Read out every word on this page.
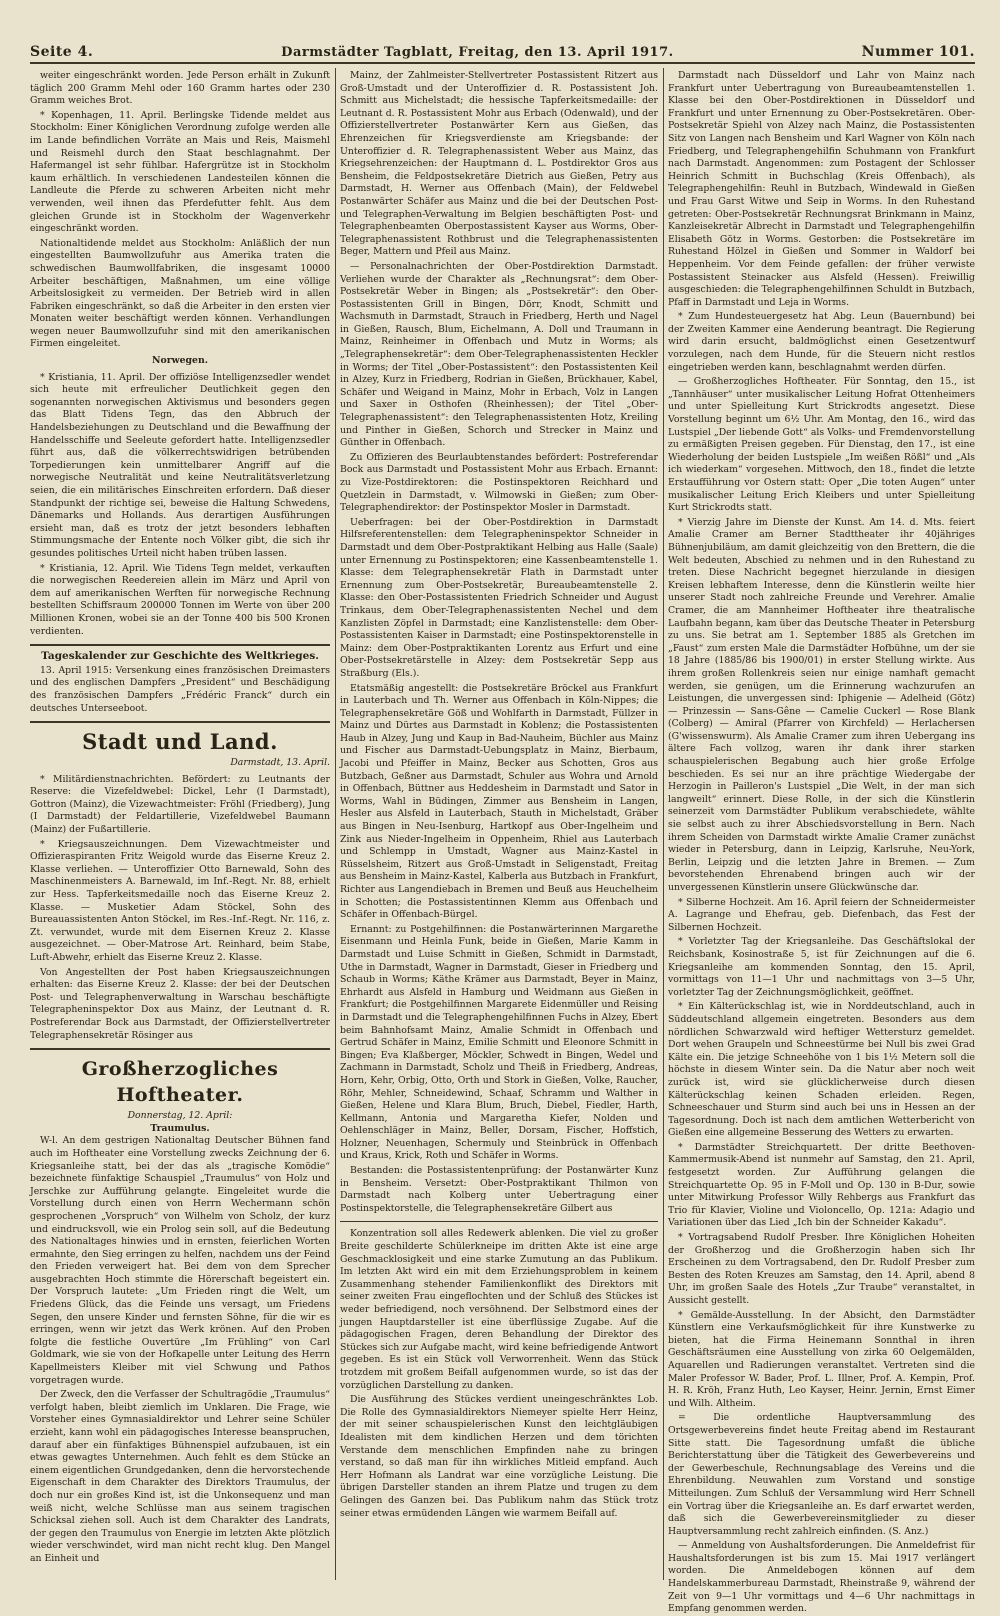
Seite 4.	Darmstädter Tagblatt, Freitag, den 13. April 1917.	Nummer 101.

weiter eingeschränkt worden. Jede Person erhält in Zukunft täglich 200 Gramm Mehl oder 160 Gramm hartes oder 230 Gramm weiches Brot.

* Kopenhagen, 11. April. Berlingske Tidende meldet aus Stockholm: Einer Königlichen Verordnung zufolge werden alle im Lande befindlichen Vorräte an Mais und Reis, Maismehl und Reismehl durch den Staat beschlagnahmt. Der Hafermangel ist sehr fühlbar. Hafergrütze ist in Stockholm kaum erhältlich. In verschiedenen Landesteilen können die Landleute die Pferde zu schweren Arbeiten nicht mehr verwenden, weil ihnen das Pferdefutter fehlt. Aus dem gleichen Grunde ist in Stockholm der Wagenverkehr eingeschränkt worden.

Nationaltidende meldet aus Stockholm: Anläßlich der nun eingestellten Baumwollzufuhr aus Amerika traten die schwedischen Baumwollfabriken, die insgesamt 10000 Arbeiter beschäftigen, Maßnahmen, um eine völlige Arbeitslosigkeit zu vermeiden. Der Betrieb wird in allen Fabriken eingeschränkt, so daß die Arbeiter in den ersten vier Monaten weiter beschäftigt werden können. Verhandlungen wegen neuer Baumwollzufuhr sind mit den amerikanischen Firmen eingeleitet.

Norwegen.

* Kristiania, 11. April. Der offiziöse Intelligenzsedler wendet sich heute mit erfreulicher Deutlichkeit gegen den sogenannten norwegischen Aktivismus und besonders gegen das Blatt Tidens Tegn, das den Abbruch der Handelsbeziehungen zu Deutschland und die Bewaffnung der Handelsschiffe und Seeleute gefordert hatte. Intelligenzsedler führt aus, daß die völkerrechtswidrigen betrübenden Torpedierungen kein unmittelbarer Angriff auf die norwegische Neutralität und keine Neutralitätsverletzung seien, die ein militärisches Einschreiten erfordern. Daß dieser Standpunkt der richtige sei, beweise die Haltung Schwedens, Dänemarks und Hollands. Aus derartigen Ausführungen ersieht man, daß es trotz der jetzt besonders lebhaften Stimmungsmache der Entente noch Völker gibt, die sich ihr gesundes politisches Urteil nicht haben trüben lassen.

* Kristiania, 12. April. Wie Tidens Tegn meldet, verkauften die norwegischen Reedereien allein im März und April von dem auf amerikanischen Werften für norwegische Rechnung bestellten Schiffsraum 200000 Tonnen im Werte von über 200 Millionen Kronen, wobei sie an der Tonne 400 bis 500 Kronen verdienten.

Tageskalender zur Geschichte des Weltkrieges.

13. April 1915: Versenkung eines französischen Dreimasters und des englischen Dampfers „President“ und Beschädigung des französischen Dampfers „Frédéric Franck“ durch ein deutsches Unterseeboot.

Stadt und Land.

Darmstadt, 13. April.

* Militärdienstnachrichten. Befördert: zu Leutnants der Reserve: die Vizefeldwebel: Dickel, Lehr (I Darmstadt), Gottron (Mainz), die Vizewachtmeister: Fröhl (Friedberg), Jung (I Darmstadt) der Feldartillerie, Vizefeldwebel Baumann (Mainz) der Fußartillerie.

* Kriegsauszeichnungen. Dem Vizewachtmeister und Offizieraspiranten Fritz Weigold wurde das Eiserne Kreuz 2. Klasse verliehen. — Unteroffizier Otto Barnewald, Sohn des Maschinenmeisters A. Barnewald, im Inf.-Regt. Nr. 88, erhielt zur Hess. Tapferkeitsmedaille noch das Eiserne Kreuz 2. Klasse. — Musketier Adam Stöckel, Sohn des Bureauassistenten Anton Stöckel, im Res.-Inf.-Regt. Nr. 116, z. Zt. verwundet, wurde mit dem Eisernen Kreuz 2. Klasse ausgezeichnet. — Ober-Matrose Art. Reinhard, beim Stabe, Luft-Abwehr, erhielt das Eiserne Kreuz 2. Klasse.

Von Angestellten der Post haben Kriegsauszeichnungen erhalten: das Eiserne Kreuz 2. Klasse: der bei der Deutschen Post- und Telegraphenverwaltung in Warschau beschäftigte Telegrapheninspektor Dox aus Mainz, der Leutnant d. R. Postreferendar Bock aus Darmstadt, der Offizierstellvertreter Telegraphensekretär Rösinger aus

Großherzogliches Hoftheater.

Donnerstag, 12. April:

Traumulus.

W-l. An dem gestrigen Nationaltag Deutscher Bühnen fand auch im Hoftheater eine Vorstellung zwecks Zeichnung der 6. Kriegsanleihe statt, bei der das als „tragische Komödie“ bezeichnete fünfaktige Schauspiel „Traumulus“ von Holz und Jerschke zur Aufführung gelangte. Eingeleitet wurde die Vorstellung durch einen von Herrn Wechermann schön gesprochenen „Vorspruch“ von Wilhelm von Scholz, der kurz und eindrucksvoll, wie ein Prolog sein soll, auf die Bedeutung des Nationaltages hinwies und in ernsten, feierlichen Worten ermahnte, den Sieg erringen zu helfen, nachdem uns der Feind den Frieden verweigert hat. Bei dem von dem Sprecher ausgebrachten Hoch stimmte die Hörerschaft begeistert ein. Der Vorspruch lautete: „Um Frieden ringt die Welt, um Friedens Glück, das die Feinde uns versagt, um Friedens Segen, den unsere Kinder und fernsten Söhne, für die wir es erringen, wenn wir jetzt das Werk krönen. Auf den Proben folgte die festliche Ouvertüre „Im Frühling“ von Carl Goldmark, wie sie von der Hofkapelle unter Leitung des Herrn Kapellmeisters Kleiber mit viel Schwung und Pathos vorgetragen wurde.

Der Zweck, den die Verfasser der Schultragödie „Traumulus“ verfolgt haben, bleibt ziemlich im Unklaren. Die Frage, wie Vorsteher eines Gymnasialdirektor und Lehrer seine Schüler erzieht, kann wohl ein pädagogisches Interesse beanspruchen, darauf aber ein fünfaktiges Bühnenspiel aufzubauen, ist ein etwas gewagtes Unternehmen. Auch fehlt es dem Stücke an einem eigentlichen Grundgedanken, denn die hervorstechende Eigenschaft in dem Charakter des Direktors Traumulus, der doch nur ein großes Kind ist, ist die Unkonsequenz und man weiß nicht, welche Schlüsse man aus seinem tragischen Schicksal ziehen soll. Auch ist dem Charakter des Landrats, der gegen den Traumulus von Energie im letzten Akte plötzlich wieder verschwindet, wird man nicht recht klug. Den Mangel an Einheit und

Mainz, der Zahlmeister-Stellvertreter Postassistent Ritzert aus Groß-Umstadt und der Unteroffizier d. R. Postassistent Joh. Schmitt aus Michelstadt; die hessische Tapferkeitsmedaille: der Leutnant d. R. Postassistent Mohr aus Erbach (Odenwald), und der Offizierstellvertreter Postanwärter Kern aus Gießen, das Ehrenzeichen für Kriegsverdienste am Kriegsbande: der Unteroffizier d. R. Telegraphenassistent Weber aus Mainz, das Kriegsehrenzeichen: der Hauptmann d. L. Postdirektor Gros aus Bensheim, die Feldpostsekretäre Dietrich aus Gießen, Petry aus Darmstadt, H. Werner aus Offenbach (Main), der Feldwebel Postanwärter Schäfer aus Mainz und die bei der Deutschen Post- und Telegraphen-Verwaltung im Belgien beschäftigten Post- und Telegraphenbeamten Oberpostassistent Kayser aus Worms, Ober-Telegraphenassistent Rothbrust und die Telegraphenassistenten Beger, Mattern und Pfeil aus Mainz.

— Personalnachrichten der Ober-Postdirektion Darmstadt. Verliehen wurde der Charakter als „Rechnungsrat“: dem Ober-Postsekretär Weber in Bingen; als „Postsekretär“: den Ober-Postassistenten Grill in Bingen, Dörr, Knodt, Schmitt und Wachsmuth in Darmstadt, Strauch in Friedberg, Herth und Nagel in Gießen, Rausch, Blum, Eichelmann, A. Doll und Traumann in Mainz, Reinheimer in Offenbach und Mutz in Worms; als „Telegraphensekretär“: dem Ober-Telegraphenassistenten Heckler in Worms; der Titel „Ober-Postassistent“: den Postassistenten Keil in Alzey, Kurz in Friedberg, Rodrian in Gießen, Brückhauer, Kabel, Schäfer und Weigand in Mainz, Mohr in Erbach, Volz in Langen und Saxer in Osthofen (Rheinhessen); der Titel „Ober-Telegraphenassistent“: den Telegraphenassistenten Hotz, Kreiling und Pinther in Gießen, Schorch und Strecker in Mainz und Günther in Offenbach.

Zu Offizieren des Beurlaubtenstandes befördert: Postreferendar Bock aus Darmstadt und Postassistent Mohr aus Erbach. Ernannt: zu Vize-Postdirektoren: die Postinspektoren Reichhard und Quetzlein in Darmstadt, v. Wilmowski in Gießen; zum Ober-Telegraphendirektor: der Postinspektor Mosler in Darmstadt.

Ueberfragen: bei der Ober-Postdirektion in Darmstadt Hilfsreferentenstellen: dem Telegrapheninspektor Schneider in Darmstadt und dem Ober-Postpraktikant Helbing aus Halle (Saale) unter Ernennung zu Postinspektoren; eine Kassenbeamtenstelle 1. Klasse: dem Telegraphensekretär Flath in Darmstadt unter Ernennung zum Ober-Postsekretär, Bureaubeamtenstelle 2. Klasse: den Ober-Postassistenten Friedrich Schneider und August Trinkaus, dem Ober-Telegraphenassistenten Nechel und dem Kanzlisten Zöpfel in Darmstadt; eine Kanzlistenstelle: dem Ober-Postassistenten Kaiser in Darmstadt; eine Postinspektorenstelle in Mainz: dem Ober-Postpraktikanten Lorentz aus Erfurt und eine Ober-Postsekretärstelle in Alzey: dem Postsekretär Sepp aus Straßburg (Els.).

Etatsmäßig angestellt: die Postsekretäre Bröckel aus Frankfurt in Lauterbach und Th. Werner aus Offenbach in Köln-Nippes; die Telegraphensekretäre Göß und Wohlfarth in Darmstadt, Füllzer in Mainz und Dürtes aus Darmstadt in Koblenz; die Postassistenten Haub in Alzey, Jung und Kaup in Bad-Nauheim, Büchler aus Mainz und Fischer aus Darmstadt-Uebungsplatz in Mainz, Bierbaum, Jacobi und Pfeiffer in Mainz, Becker aus Schotten, Gros aus Butzbach, Geßner aus Darmstadt, Schuler aus Wohra und Arnold in Offenbach, Büttner aus Heddesheim in Darmstadt und Sator in Worms, Wahl in Büdingen, Zimmer aus Bensheim in Langen, Hesler aus Alsfeld in Lauterbach, Stauth in Michelstadt, Gräber aus Bingen in Neu-Isenburg, Hartkopf aus Ober-Ingelheim und Zink aus Nieder-Ingelheim in Oppenheim, Rhiel aus Lauterbach und Schlempp in Umstadt, Wagner aus Mainz-Kastel in Rüsselsheim, Ritzert aus Groß-Umstadt in Seligenstadt, Freitag aus Bensheim in Mainz-Kastel, Kalberla aus Butzbach in Frankfurt, Richter aus Langendiebach in Bremen und Beuß aus Heuchelheim in Schotten; die Postassistentinnen Klemm aus Offenbach und Schäfer in Offenbach-Bürgel.

Ernannt: zu Postgehilfinnen: die Postanwärterinnen Margarethe Eisenmann und Heinla Funk, beide in Gießen, Marie Kamm in Darmstadt und Luise Schmitt in Gießen, Schmidt in Darmstadt, Uthe in Darmstadt, Wagner in Darmstadt, Gieser in Friedberg und Schaub in Worms; Käthe Krämer aus Darmstadt, Beyer in Mainz, Ehrhardt aus Alsfeld in Hamburg und Weidmann aus Gießen in Frankfurt; die Postgehilfinnen Margarete Eidenmüller und Reising in Darmstadt und die Telegraphengehilfinnen Fuchs in Alzey, Ebert beim Bahnhofsamt Mainz, Amalie Schmidt in Offenbach und Gertrud Schäfer in Mainz, Emilie Schmitt und Eleonore Schmitt in Bingen; Eva Klaßberger, Möckler, Schwedt in Bingen, Wedel und Zachmann in Darmstadt, Scholz und Theiß in Friedberg, Andreas, Horn, Kehr, Orbig, Otto, Orth und Stork in Gießen, Volke, Raucher, Röhr, Mehler, Schneidewind, Schaaf, Schramm und Walther in Gießen, Helene und Klara Blum, Bruch, Diebel, Fiedler, Harth, Kellmann, Antonia und Margaretha Kiefer, Nolden und Oehlenschläger in Mainz, Beller, Dorsam, Fischer, Hoffstich, Holzner, Neuenhagen, Schermuly und Steinbrück in Offenbach und Kraus, Krick, Roth und Schäfer in Worms.

Bestanden: die Postassistentenprüfung: der Postanwärter Kunz in Bensheim. Versetzt: Ober-Postpraktikant Thilmon von Darmstadt nach Kolberg unter Uebertragung einer Postinspektorstelle, die Telegraphensekretäre Gilbert aus

Konzentration soll alles Redewerk ablenken. Die viel zu großer Breite geschilderte Schülerkneipe im dritten Akte ist eine arge Geschmacklosigkeit und eine starke Zumutung an das Publikum. Im letzten Akt wird ein mit dem Erziehungsproblem in keinem Zusammenhang stehender Familienkonflikt des Direktors mit seiner zweiten Frau eingeflochten und der Schluß des Stückes ist weder befriedigend, noch versöhnend. Der Selbstmord eines der jungen Hauptdarsteller ist eine überflüssige Zugabe. Auf die pädagogischen Fragen, deren Behandlung der Direktor des Stückes sich zur Aufgabe macht, wird keine befriedigende Antwort gegeben. Es ist ein Stück voll Verworrenheit. Wenn das Stück trotzdem mit großem Beifall aufgenommen wurde, so ist das der vorzüglichen Darstellung zu danken.

Die Ausführung des Stückes verdient uneingeschränktes Lob. Die Rolle des Gymnasialdirektors Niemeyer spielte Herr Heinz, der mit seiner schauspielerischen Kunst den leichtgläubigen Idealisten mit dem kindlichen Herzen und dem törichten Verstande dem menschlichen Empfinden nahe zu bringen verstand, so daß man für ihn wirkliches Mitleid empfand. Auch Herr Hofmann als Landrat war eine vorzügliche Leistung. Die übrigen Darsteller standen an ihrem Platze und trugen zu dem Gelingen des Ganzen bei. Das Publikum nahm das Stück trotz seiner etwas ermüdenden Längen wie warmem Beifall auf.

Darmstadt nach Düsseldorf und Lahr von Mainz nach Frankfurt unter Uebertragung von Bureaubeamtenstellen 1. Klasse bei den Ober-Postdirektionen in Düsseldorf und Frankfurt und unter Ernennung zu Ober-Postsekretären. Ober-Postsekretär Spiehl von Alzey nach Mainz, die Postassistenten Sitz von Langen nach Bensheim und Karl Wagner von Köln nach Friedberg, und Telegraphengehilfin Schuhmann von Frankfurt nach Darmstadt. Angenommen: zum Postagent der Schlosser Heinrich Schmitt in Buchschlag (Kreis Offenbach), als Telegraphengehilfin: Reuhl in Butzbach, Windewald in Gießen und Frau Garst Witwe und Seip in Worms. In den Ruhestand getreten: Ober-Postsekretär Rechnungsrat Brinkmann in Mainz, Kanzleisekretär Albrecht in Darmstadt und Telegraphengehilfin Elisabeth Götz in Worms. Gestorben: die Postsekretäre im Ruhestand Hölzel in Gießen und Sommer in Waldorf bei Heppenheim. Vor dem Feinde gefallen: der früher verwiste Postassistent Steinacker aus Alsfeld (Hessen). Freiwillig ausgeschieden: die Telegraphengehilfinnen Schuldt in Butzbach, Pfaff in Darmstadt und Leja in Worms.

* Zum Hundesteuergesetz hat Abg. Leun (Bauernbund) bei der Zweiten Kammer eine Aenderung beantragt. Die Regierung wird darin ersucht, baldmöglichst einen Gesetzentwurf vorzulegen, nach dem Hunde, für die Steuern nicht restlos eingetrieben werden kann, beschlagnahmt werden dürfen.

— Großherzogliches Hoftheater. Für Sonntag, den 15., ist „Tannhäuser“ unter musikalischer Leitung Hofrat Ottenheimers und unter Spielleitung Kurt Strickrodts angesetzt. Diese Vorstellung beginnt um 6½ Uhr. Am Montag, den 16., wird das Lustspiel „Der liebende Gott“ als Volks- und Fremdenvorstellung zu ermäßigten Preisen gegeben. Für Dienstag, den 17., ist eine Wiederholung der beiden Lustspiele „Im weißen Rößl“ und „Als ich wiederkam“ vorgesehen. Mittwoch, den 18., findet die letzte Erstaufführung vor Ostern statt: Oper „Die toten Augen“ unter musikalischer Leitung Erich Kleibers und unter Spielleitung Kurt Strickrodts statt.

* Vierzig Jahre im Dienste der Kunst. Am 14. d. Mts. feiert Amalie Cramer am Berner Stadttheater ihr 40jähriges Bühnenjubiläum, am damit gleichzeitig von den Brettern, die die Welt bedeuten, Abschied zu nehmen und in den Ruhestand zu treten. Diese Nachricht begegnet hierzulande in diesigen Kreisen lebhaftem Interesse, denn die Künstlerin weilte hier unserer Stadt noch zahlreiche Freunde und Verehrer. Amalie Cramer, die am Mannheimer Hoftheater ihre theatralische Laufbahn begann, kam über das Deutsche Theater in Petersburg zu uns. Sie betrat am 1. September 1885 als Gretchen im „Faust“ zum ersten Male die Darmstädter Hofbühne, um der sie 18 Jahre (1885/86 bis 1900/01) in erster Stellung wirkte. Aus ihrem großen Rollenkreis seien nur einige namhaft gemacht werden, sie genügen, um die Erinnerung wachzurufen an Leistungen, die unvergessen sind: Iphigenie — Adelheid (Götz) — Prinzessin — Sans-Gêne — Camelie Cuckerl — Rose Blank (Colberg) — Amiral (Pfarrer von Kirchfeld) — Herlachersen (G'wissenswurm). Als Amalie Cramer zum ihren Uebergang ins ältere Fach vollzog, waren ihr dank ihrer starken schauspielerischen Begabung auch hier große Erfolge beschieden. Es sei nur an ihre prächtige Wiedergabe der Herzogin in Pailleron's Lustspiel „Die Welt, in der man sich langweilt“ erinnert. Diese Rolle, in der sich die Künstlerin seinerzeit vom Darmstädter Publikum verabschiedete, wählte sie selbst auch zu ihrer Abschiedsvorstellung in Bern. Nach ihrem Scheiden von Darmstadt wirkte Amalie Cramer zunächst wieder in Petersburg, dann in Leipzig, Karlsruhe, Neu-York, Berlin, Leipzig und die letzten Jahre in Bremen. — Zum bevorstehenden Ehrenabend bringen auch wir der unvergessenen Künstlerin unsere Glückwünsche dar.

* Silberne Hochzeit. Am 16. April feiern der Schneidermeister A. Lagrange und Ehefrau, geb. Diefenbach, das Fest der Silbernen Hochzeit.

* Vorletzter Tag der Kriegsanleihe. Das Geschäftslokal der Reichsbank, Kosinostraße 5, ist für Zeichnungen auf die 6. Kriegsanleihe am kommenden Sonntag, den 15. April, vormittags von 11—1 Uhr und nachmittags von 3—5 Uhr, vorletzter Tag der Zeichnungsmöglichkeit, geöffnet.

* Ein Kälterückschlag ist, wie in Norddeutschland, auch in Süddeutschland allgemein eingetreten. Besonders aus dem nördlichen Schwarzwald wird heftiger Wettersturz gemeldet. Dort wehen Graupeln und Schneestürme bei Null bis zwei Grad Kälte ein. Die jetzige Schneehöhe von 1 bis 1½ Metern soll die höchste in diesem Winter sein. Da die Natur aber noch weit zurück ist, wird sie glücklicherweise durch diesen Kälterückschlag keinen Schaden erleiden. Regen, Schneeschauer und Sturm sind auch bei uns in Hessen an der Tagesordnung. Doch ist nach dem amtlichen Wetterbericht von Gießen eine allgemeine Besserung des Wetters zu erwarten.

* Darmstädter Streichquartett. Der dritte Beethoven-Kammermusik-Abend ist nunmehr auf Samstag, den 21. April, festgesetzt worden. Zur Aufführung gelangen die Streichquartette Op. 95 in F-Moll und Op. 130 in B-Dur, sowie unter Mitwirkung Professor Willy Rehbergs aus Frankfurt das Trio für Klavier, Violine und Violoncello, Op. 121a: Adagio und Variationen über das Lied „Ich bin der Schneider Kakadu“.

* Vortragsabend Rudolf Presber. Ihre Königlichen Hoheiten der Großherzog und die Großherzogin haben sich Ihr Erscheinen zu dem Vortragsabend, den Dr. Rudolf Presber zum Besten des Roten Kreuzes am Samstag, den 14. April, abend 8 Uhr, im großen Saale des Hotels „Zur Traube“ veranstaltet, in Aussicht gestellt.

* Gemälde-Ausstellung. In der Absicht, den Darmstädter Künstlern eine Verkaufsmöglichkeit für ihre Kunstwerke zu bieten, hat die Firma Heinemann Sonnthal in ihren Geschäftsräumen eine Ausstellung von zirka 60 Oelgemälden, Aquarellen und Radierungen veranstaltet. Vertreten sind die Maler Professor W. Bader, Prof. L. Illner, Prof. A. Kempin, Prof. H. R. Kröh, Franz Huth, Leo Kayser, Heinr. Jernin, Ernst Eimer und Wilh. Altheim.

= Die ordentliche Hauptversammlung des Ortsgewerbevereins findet heute Freitag abend im Restaurant Sitte statt. Die Tagesordnung umfaßt die übliche Berichterstattung über die Tätigkeit des Gewerbevereins und der Gewerbeschule, Rechnungsablage des Vereins und die Ehrenbildung. Neuwahlen zum Vorstand und sonstige Mitteilungen. Zum Schluß der Versammlung wird Herr Schnell ein Vortrag über die Kriegsanleihe an. Es darf erwartet werden, daß sich die Gewerbevereinsmitglieder zu dieser Hauptversammlung recht zahlreich einfinden. (S. Anz.)

— Anmeldung von Aushaltsforderungen. Die Anmeldefrist für Haushaltsforderungen ist bis zum 15. Mai 1917 verlängert worden. Die Anmeldebogen können auf dem Handelskammerbureau Darmstadt, Rheinstraße 9, während der Zeit von 9—1 Uhr vormittags und 4—6 Uhr nachmittags in Empfang genommen werden.
